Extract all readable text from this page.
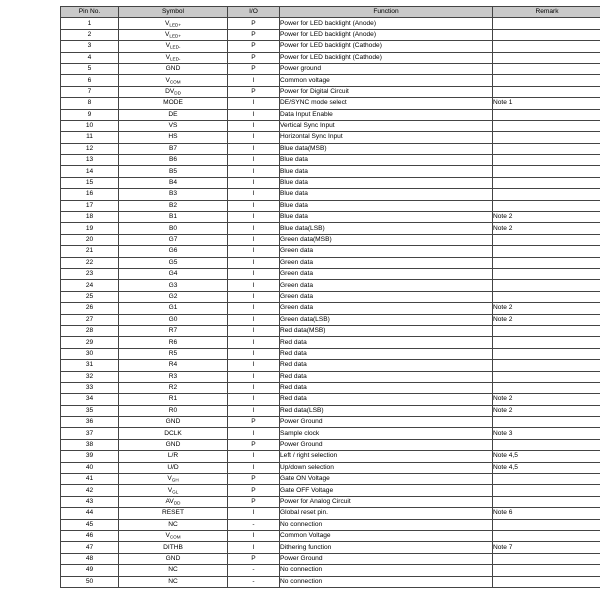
Pin No.	Symbol	I/O	Function	Remark
1	$V_{LED+}$	P	Power for LED backlight (Anode)	
2	$V_{LED+}$	P	Power for LED backlight (Anode)	
3	$V_{LED-}$	P	Power for LED backlight (Cathode)	
4	$V_{LED-}$	P	Power for LED backlight (Cathode)	
5	GND	P	Power ground	
6	$V_{COM}$	I	Common voltage	
7	$DV_{DD}$	P	Power for Digital Circuit	
8	MODE	I	DE/SYNC mode select	Note 1
9	DE	I	Data Input Enable	
10	VS	I	Vertical Sync Input	
11	HS	I	Horizontal Sync Input	
12	B7	I	Blue data(MSB)	
13	B6	I	Blue data	
14	B5	I	Blue data	
15	B4	I	Blue data	
16	B3	I	Blue data	
17	B2	I	Blue data	
18	B1	I	Blue data	Note 2
19	B0	I	Blue data(LSB)	Note 2
20	G7	I	Green data(MSB)	
21	G6	I	Green data	
22	G5	I	Green data	
23	G4	I	Green data	
24	G3	I	Green data	
25	G2	I	Green data	
26	G1	I	Green data	Note 2
27	G0	I	Green data(LSB)	Note 2
28	R7	I	Red data(MSB)	
29	R6	I	Red data	
30	R5	I	Red data	
31	R4	I	Red data	
32	R3	I	Red data	
33	R2	I	Red data	
34	R1	I	Red data	Note 2
35	R0	I	Red data(LSB)	Note 2
36	GND	P	Power Ground	
37	DCLK	I	Sample clock	Note 3
38	GND	P	Power Ground	
39	L/R	I	Left / right selection	Note 4,5
40	U/D	I	Up/down selection	Note 4,5
41	$V_{GH}$	P	Gate ON Voltage	
42	$V_{GL}$	P	Gate OFF Voltage	
43	$AV_{DD}$	P	Power for Analog Circuit	
44	RESET	I	Global reset pin.	Note 6
45	NC	-	No connection	
46	$V_{COM}$	I	Common Voltage	
47	DITHB	I	Dithering function	Note 7
48	GND	P	Power Ground	
49	NC	-	No connection	
50	NC	-	No connection	
